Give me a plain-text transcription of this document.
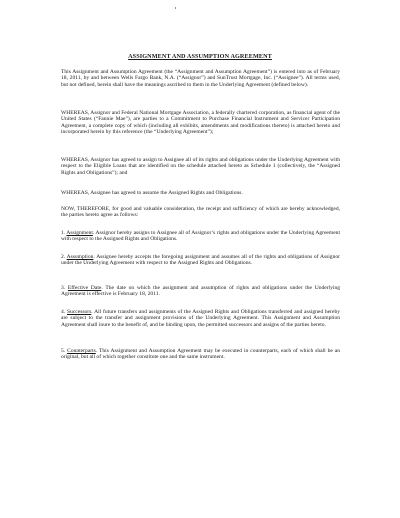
ASSIGNMENT AND ASSUMPTION AGREEMENT

This Assignment and Assumption Agreement (the “Assignment and Assumption Agreement”) is entered into as of February 18, 2011, by and between Wells Fargo Bank, N.A. (“Assignor”) and SunTrust Mortgage, Inc. (“Assignee”). All terms used, but not defined, herein shall have the meanings ascribed to them in the Underlying Agreement (defined below).

WHEREAS, Assignor and Federal National Mortgage Association, a federally chartered corporation, as financial agent of the United States (“Fannie Mae”), are parties to a Commitment to Purchase Financial Instrument and Servicer Participation Agreement, a complete copy of which (including all exhibits, amendments and modifications thereto) is attached hereto and incorporated herein by this reference (the “Underlying Agreement”);

WHEREAS, Assignor has agreed to assign to Assignee all of its rights and obligations under the Underlying Agreement with respect to the Eligible Loans that are identified on the schedule attached hereto as Schedule 1 (collectively, the “Assigned Rights and Obligations”); and

WHEREAS, Assignee has agreed to assume the Assigned Rights and Obligations.

NOW, THEREFORE, for good and valuable consideration, the receipt and sufficiency of which are hereby acknowledged, the parties hereto agree as follows:

1. Assignment. Assignor hereby assigns to Assignee all of Assignor’s rights and obligations under the Underlying Agreement with respect to the Assigned Rights and Obligations.

2. Assumption. Assignee hereby accepts the foregoing assignment and assumes all of the rights and obligations of Assignor under the Underlying Agreement with respect to the Assigned Rights and Obligations.

3. Effective Date. The date on which the assignment and assumption of rights and obligations under the Underlying Agreement is effective is February 18, 2011.

4. Successors. All future transfers and assignments of the Assigned Rights and Obligations transferred and assigned hereby are subject to the transfer and assignment provisions of the Underlying Agreement. This Assignment and Assumption Agreement shall inure to the benefit of, and be binding upon, the permitted successors and assigns of the parties hereto.

5. Counterparts. This Assignment and Assumption Agreement may be executed in counterparts, each of which shall be an original, but all of which together constitute one and the same instrument.
